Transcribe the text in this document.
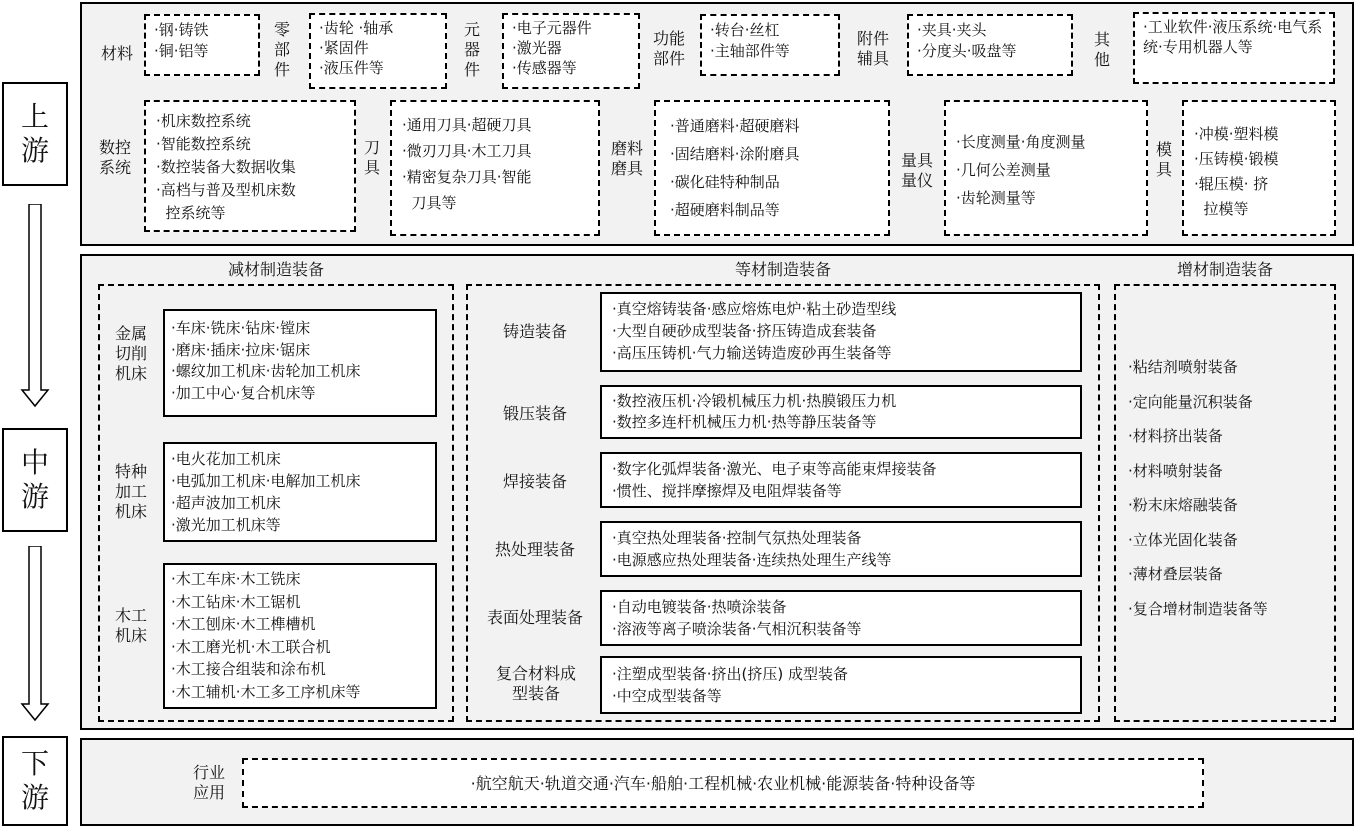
上游
中游
下游
材料
·钢·铸铁
·铜·铝等
零部件
·齿轮 ·轴承
·紧固件
·液压件等
元器件
·电子元器件
·激光器
·传感器等
功能部件
·转台·丝杠
·主轴部件等
附件辅具
·夹具·夹头
·分度头·吸盘等
其他
·工业软件·液压系统·电气系统·专用机器人等
数控系统
·机床数控系统
·智能数控系统
·数控装备大数据收集
·高档与普及型机床数
控系统等
刀具
·通用刀具·超硬刀具
·微刃刀具·木工刀具
·精密复杂刀具·智能
刀具等
磨料磨具
·普通磨料·超硬磨料
·固结磨料·涂附磨具
·碳化硅特种制品
·超硬磨料制品等
量具量仪
·长度测量·角度测量
·几何公差测量
·齿轮测量等
模具
·冲模·塑料模
·压铸模·锻模
·辊压模· 挤
拉模等
减材制造装备
金属切削机床
·车床·铣床·钻床·镗床
·磨床·插床·拉床·锯床
·螺纹加工机床·齿轮加工机床
·加工中心·复合机床等
特种加工机床
·电火花加工机床
·电弧加工机床·电解加工机床
·超声波加工机床
·激光加工机床等
木工机床
·木工车床·木工铣床
·木工钻床·木工锯机
·木工刨床·木工榫槽机
·木工磨光机·木工联合机
·木工接合组装和涂布机
·木工辅机·木工多工序机床等
等材制造装备
铸造装备
·真空熔铸装备·感应熔炼电炉·粘土砂造型线
·大型自硬砂成型装备·挤压铸造成套装备
·高压压铸机·气力输送铸造废砂再生装备等
锻压装备
·数控液压机·冷锻机械压力机·热膜锻压力机
·数控多连杆机械压力机·热等静压装备等
焊接装备
·数字化弧焊装备·激光、电子束等高能束焊接装备
·惯性、搅拌摩擦焊及电阻焊装备等
热处理装备
·真空热处理装备·控制气氛热处理装备
·电源感应热处理装备·连续热处理生产线等
表面处理装备
·自动电镀装备·热喷涂装备
·溶液等离子喷涂装备·气相沉积装备等
复合材料成型装备
·注塑成型装备·挤出(挤压) 成型装备
·中空成型装备等
增材制造装备
·粘结剂喷射装备
·定向能量沉积装备
·材料挤出装备
·材料喷射装备
·粉末床熔融装备
·立体光固化装备
·薄材叠层装备
·复合增材制造装备等
行业应用	·航空航天·轨道交通·汽车·船舶·工程机械·农业机械·能源装备·特种设备等
